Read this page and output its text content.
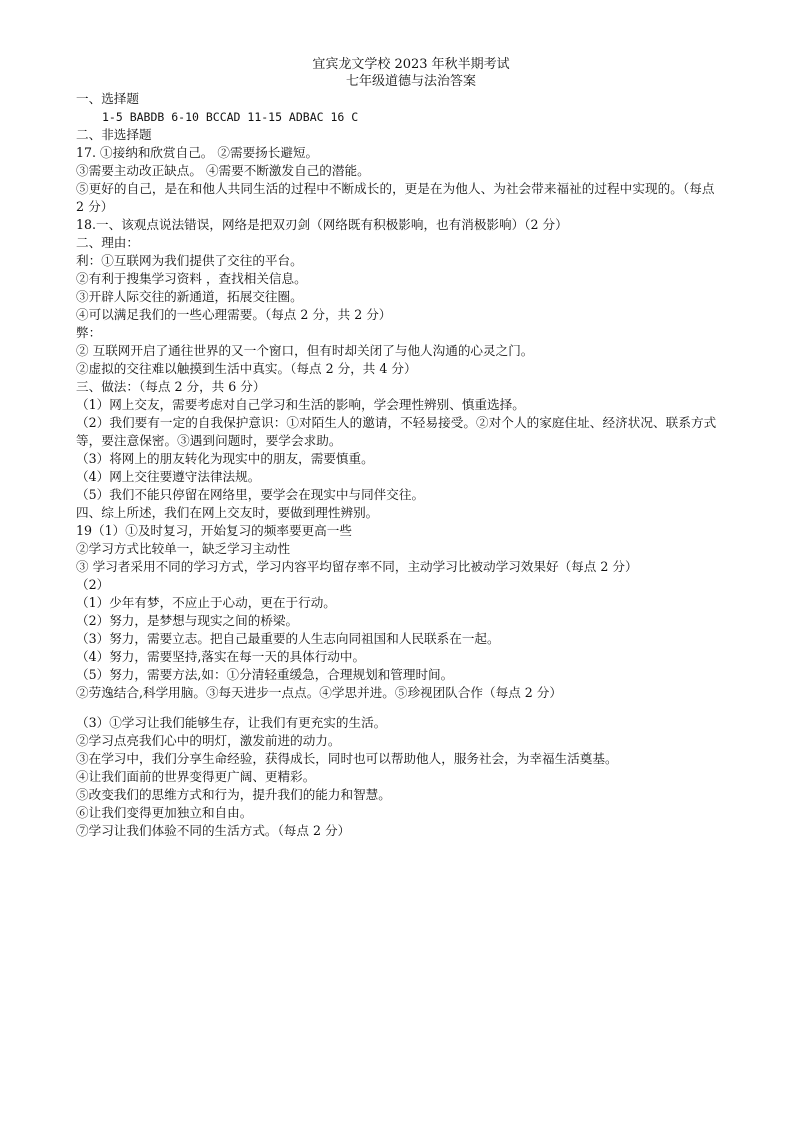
宜宾龙文学校 2023 年秋半期考试
七年级道德与法治答案
一、选择题
1-5 BABDB 6-10 BCCAD 11-15 ADBAC 16 C
二、非选择题
17. ①接纳和欣赏自己。 ②需要扬长避短。
③需要主动改正缺点。 ④需要不断激发自己的潜能。
⑤更好的自己，是在和他人共同生活的过程中不断成长的，更是在为他人、为社会带来福祉的过程中实现的。（每点 2 分）
18.一、该观点说法错误，网络是把双刃剑（网络既有积极影响，也有消极影响）（2 分）
二、理由：
利：①互联网为我们提供了交往的平台。
②有利于搜集学习资料 ，查找相关信息。
③开辟人际交往的新通道，拓展交往圈。
④可以满足我们的一些心理需要。（每点 2 分，共 2 分）
弊：
② 互联网开启了通往世界的又一个窗口，但有时却关闭了与他人沟通的心灵之门。
②虚拟的交往难以触摸到生活中真实。（每点 2 分，共 4 分）
三、做法：（每点 2 分，共 6 分）
（1）网上交友，需要考虑对自己学习和生活的影响，学会理性辨别、慎重选择。
（2）我们要有一定的自我保护意识：①对陌生人的邀请，不轻易接受。②对个人的家庭住址、经济状况、联系方式等，要注意保密。③遇到问题时，要学会求助。
（3）将网上的朋友转化为现实中的朋友，需要慎重。
（4）网上交往要遵守法律法规。
（5）我们不能只停留在网络里，要学会在现实中与同伴交往。
四、综上所述，我们在网上交友时，要做到理性辨别。
19（1）①及时复习，开始复习的频率要更高一些
②学习方式比较单一，缺乏学习主动性
③ 学习者采用不同的学习方式，学习内容平均留存率不同，主动学习比被动学习效果好（每点 2 分）
（2）
（1）少年有梦，不应止于心动，更在于行动。
（2）努力，是梦想与现实之间的桥梁。
（3）努力，需要立志。把自己最重要的人生志向同祖国和人民联系在一起。
（4）努力，需要坚持,落实在每一天的具体行动中。
（5）努力，需要方法,如：①分清轻重缓急，合理规划和管理时间。
②劳逸结合,科学用脑。③每天进步一点点。④学思并进。⑤珍视团队合作（每点 2 分）
（3）①学习让我们能够生存，让我们有更充实的生活。
②学习点亮我们心中的明灯，激发前进的动力。
③在学习中，我们分享生命经验，获得成长，同时也可以帮助他人，服务社会，为幸福生活奠基。
④让我们面前的世界变得更广阔、更精彩。
⑤改变我们的思维方式和行为，提升我们的能力和智慧。
⑥让我们变得更加独立和自由。
⑦学习让我们体验不同的生活方式。（每点 2 分）
